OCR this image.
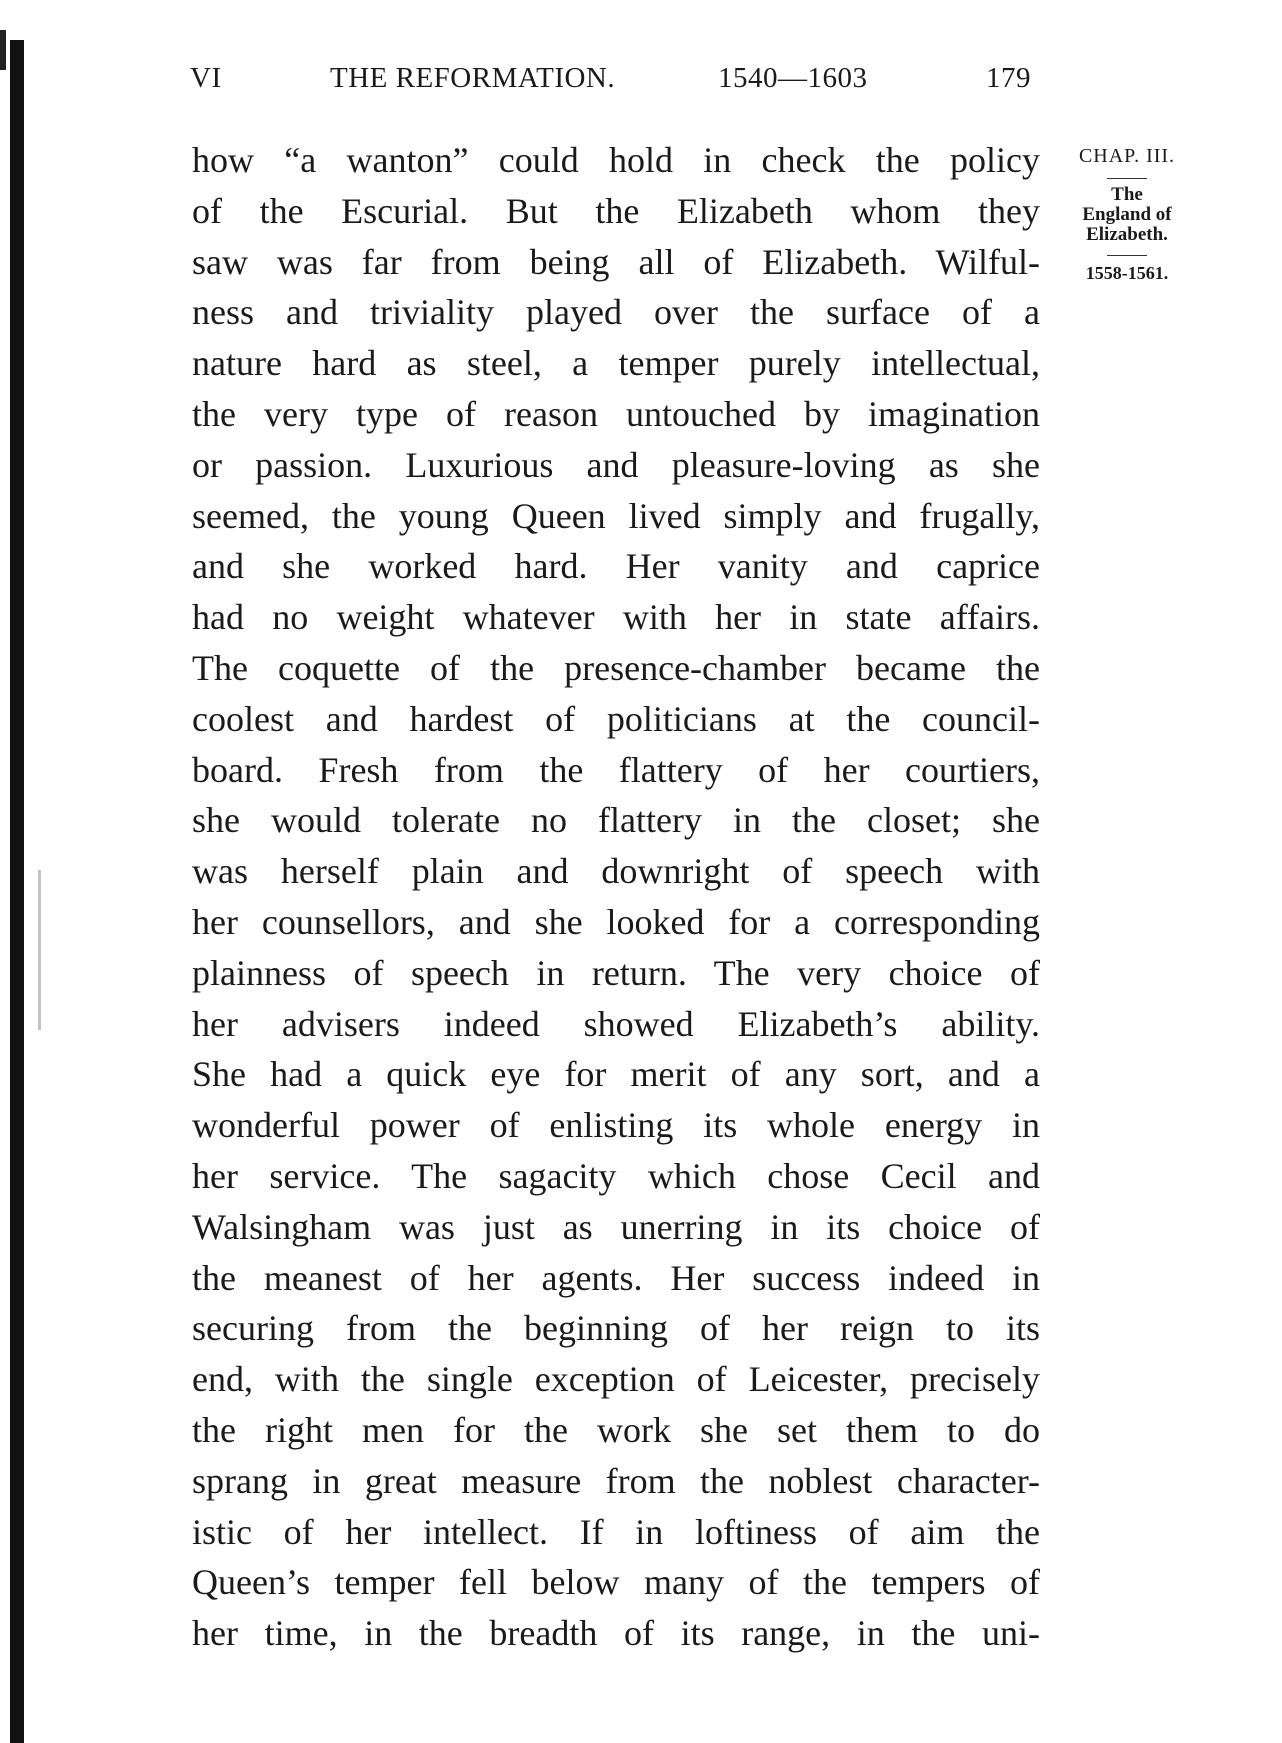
VI	THE REFORMATION.	1540—1603	179
CHAP. III.
The
England of
Elizabeth.
1558-1561.
how “a wanton” could hold in check the policy
of the Escurial. But the Elizabeth whom they
saw was far from being all of Elizabeth. Wilful-
ness and triviality played over the surface of a
nature hard as steel, a temper purely intellectual,
the very type of reason untouched by imagination
or passion. Luxurious and pleasure-loving as she
seemed, the young Queen lived simply and frugally,
and she worked hard. Her vanity and caprice
had no weight whatever with her in state affairs.
The coquette of the presence-chamber became the
coolest and hardest of politicians at the council-
board. Fresh from the flattery of her courtiers,
she would tolerate no flattery in the closet; she
was herself plain and downright of speech with
her counsellors, and she looked for a corresponding
plainness of speech in return. The very choice of
her advisers indeed showed Elizabeth’s ability.
She had a quick eye for merit of any sort, and a
wonderful power of enlisting its whole energy in
her service. The sagacity which chose Cecil and
Walsingham was just as unerring in its choice of
the meanest of her agents. Her success indeed in
securing from the beginning of her reign to its
end, with the single exception of Leicester, precisely
the right men for the work she set them to do
sprang in great measure from the noblest character-
istic of her intellect. If in loftiness of aim the
Queen’s temper fell below many of the tempers of
her time, in the breadth of its range, in the uni-
